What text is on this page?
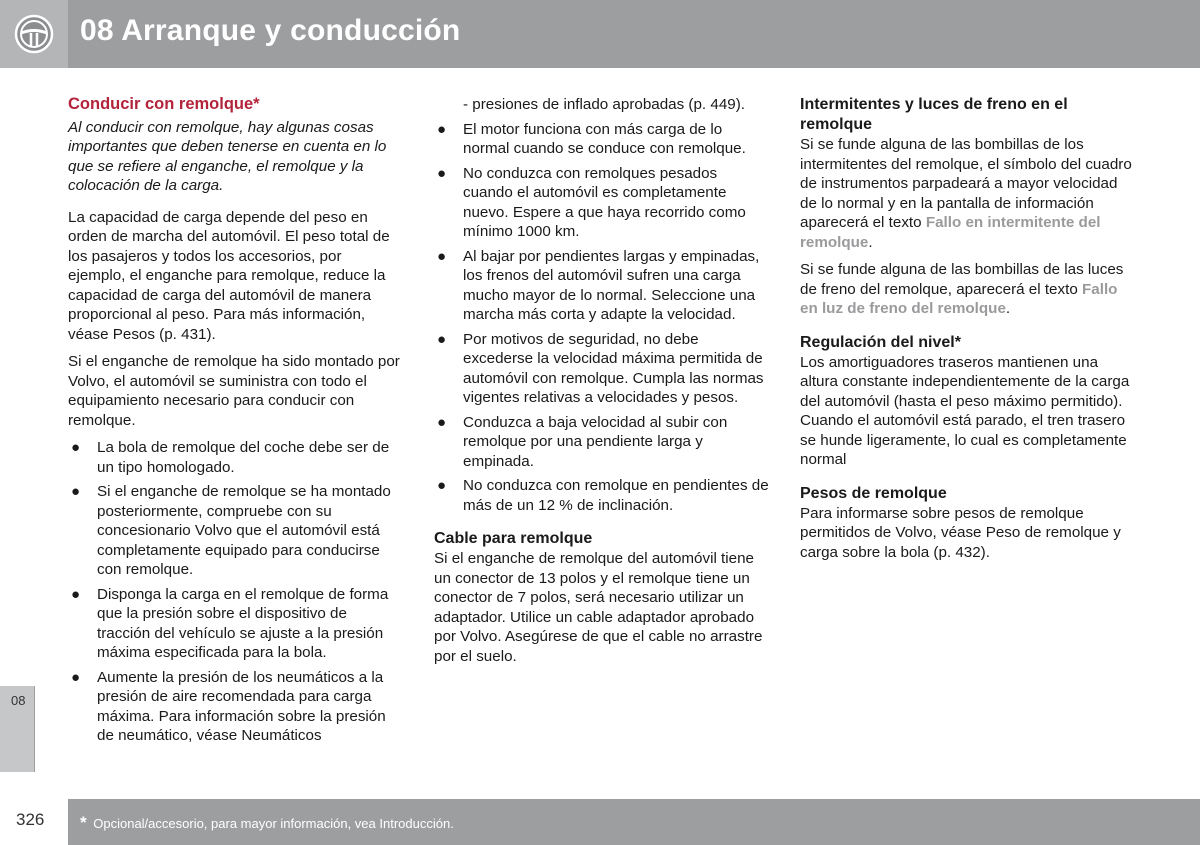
08 Arranque y conducción
08
326 * Opcional/accesorio, para mayor información, vea Introducción.
Conducir con remolque*

Al conducir con remolque, hay algunas cosas importantes que deben tenerse en cuenta en lo que se refiere al enganche, el remolque y la colocación de la carga.

La capacidad de carga depende del peso en orden de marcha del automóvil. El peso total de los pasajeros y todos los accesorios, por ejemplo, el enganche para remolque, reduce la capacidad de carga del automóvil de manera proporcional al peso. Para más información, véase Pesos (p. 431).

Si el enganche de remolque ha sido montado por Volvo, el automóvil se suministra con todo el equipamiento necesario para conducir con remolque.

● La bola de remolque del coche debe ser de un tipo homologado.
● Si el enganche de remolque se ha montado posteriormente, compruebe con su concesionario Volvo que el automóvil está completamente equipado para conducirse con remolque.
● Disponga la carga en el remolque de forma que la presión sobre el dispositivo de tracción del vehículo se ajuste a la presión máxima especificada para la bola.
● Aumente la presión de los neumáticos a la presión de aire recomendada para carga máxima. Para información sobre la presión de neumático, véase Neumáticos

- presiones de inflado aprobadas (p. 449).

● El motor funciona con más carga de lo normal cuando se conduce con remolque.
● No conduzca con remolques pesados cuando el automóvil es completamente nuevo. Espere a que haya recorrido como mínimo 1000 km.
● Al bajar por pendientes largas y empinadas, los frenos del automóvil sufren una carga mucho mayor de lo normal. Seleccione una marcha más corta y adapte la velocidad.
● Por motivos de seguridad, no debe excederse la velocidad máxima permitida de automóvil con remolque. Cumpla las normas vigentes relativas a velocidades y pesos.
● Conduzca a baja velocidad al subir con remolque por una pendiente larga y empinada.
● No conduzca con remolque en pendientes de más de un 12 % de inclinación.
Cable para remolque

Si el enganche de remolque del automóvil tiene un conector de 13 polos y el remolque tiene un conector de 7 polos, será necesario utilizar un adaptador. Utilice un cable adaptador aprobado por Volvo. Asegúrese de que el cable no arrastre por el suelo.

Intermitentes y luces de freno en el remolque

Si se funde alguna de las bombillas de los intermitentes del remolque, el símbolo del cuadro de instrumentos parpadeará a mayor velocidad de lo normal y en la pantalla de información aparecerá el texto Fallo en intermitente del remolque.

Si se funde alguna de las bombillas de las luces de freno del remolque, aparecerá el texto Fallo en luz de freno del remolque.

Regulación del nivel*

Los amortiguadores traseros mantienen una altura constante independientemente de la carga del automóvil (hasta el peso máximo permitido). Cuando el automóvil está parado, el tren trasero se hunde ligeramente, lo cual es completamente normal

Pesos de remolque

Para informarse sobre pesos de remolque permitidos de Volvo, véase Peso de remolque y carga sobre la bola (p. 432).
